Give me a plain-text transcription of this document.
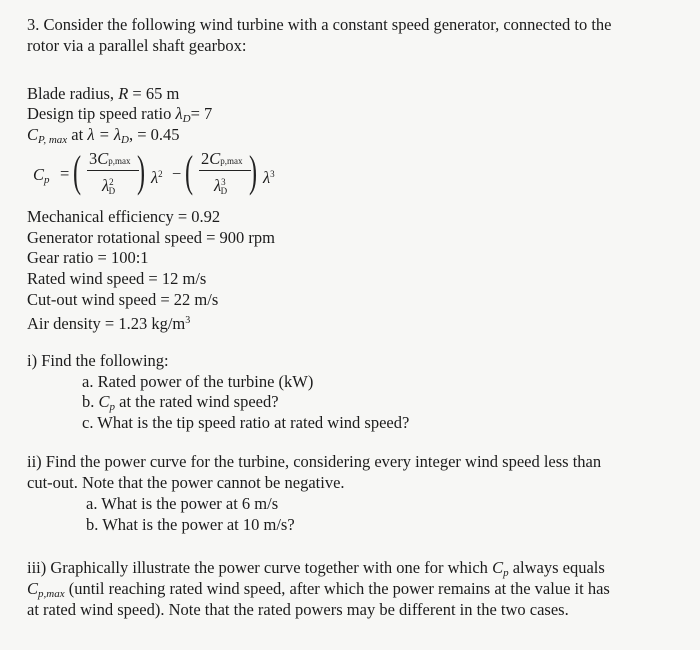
3. Consider the following wind turbine with a constant speed generator, connected to the
rotor via a parallel shaft gearbox:
Blade radius, R = 65 m
Design tip speed ratio $\lambda_D= 7$
$C_{P, max}$ at $\lambda = \lambda_D$, = 0.45
$C_p$ = ( 3Cp,max
$\lambda^2D$ ) $\lambda^2$ − ( 2Cp,max
$\lambda^3D$ ) $\lambda^3$
Mechanical efficiency = 0.92
Generator rotational speed = 900 rpm
Gear ratio = 100:1
Rated wind speed = 12 m/s
Cut-out wind speed = 22 m/s
Air density = 1.23 $kg/m^3$
i) Find the following:
a. Rated power of the turbine (kW)
b. $C_p$ at the rated wind speed?
c. What is the tip speed ratio at rated wind speed?
ii) Find the power curve for the turbine, considering every integer wind speed less than
cut-out. Note that the power cannot be negative.
a. What is the power at 6 m/s
b. What is the power at 10 m/s?
iii) Graphically illustrate the power curve together with one for which $C_p$ always equals
$C_{p,max}$ (until reaching rated wind speed, after which the power remains at the value it has
at rated wind speed). Note that the rated powers may be different in the two cases.
